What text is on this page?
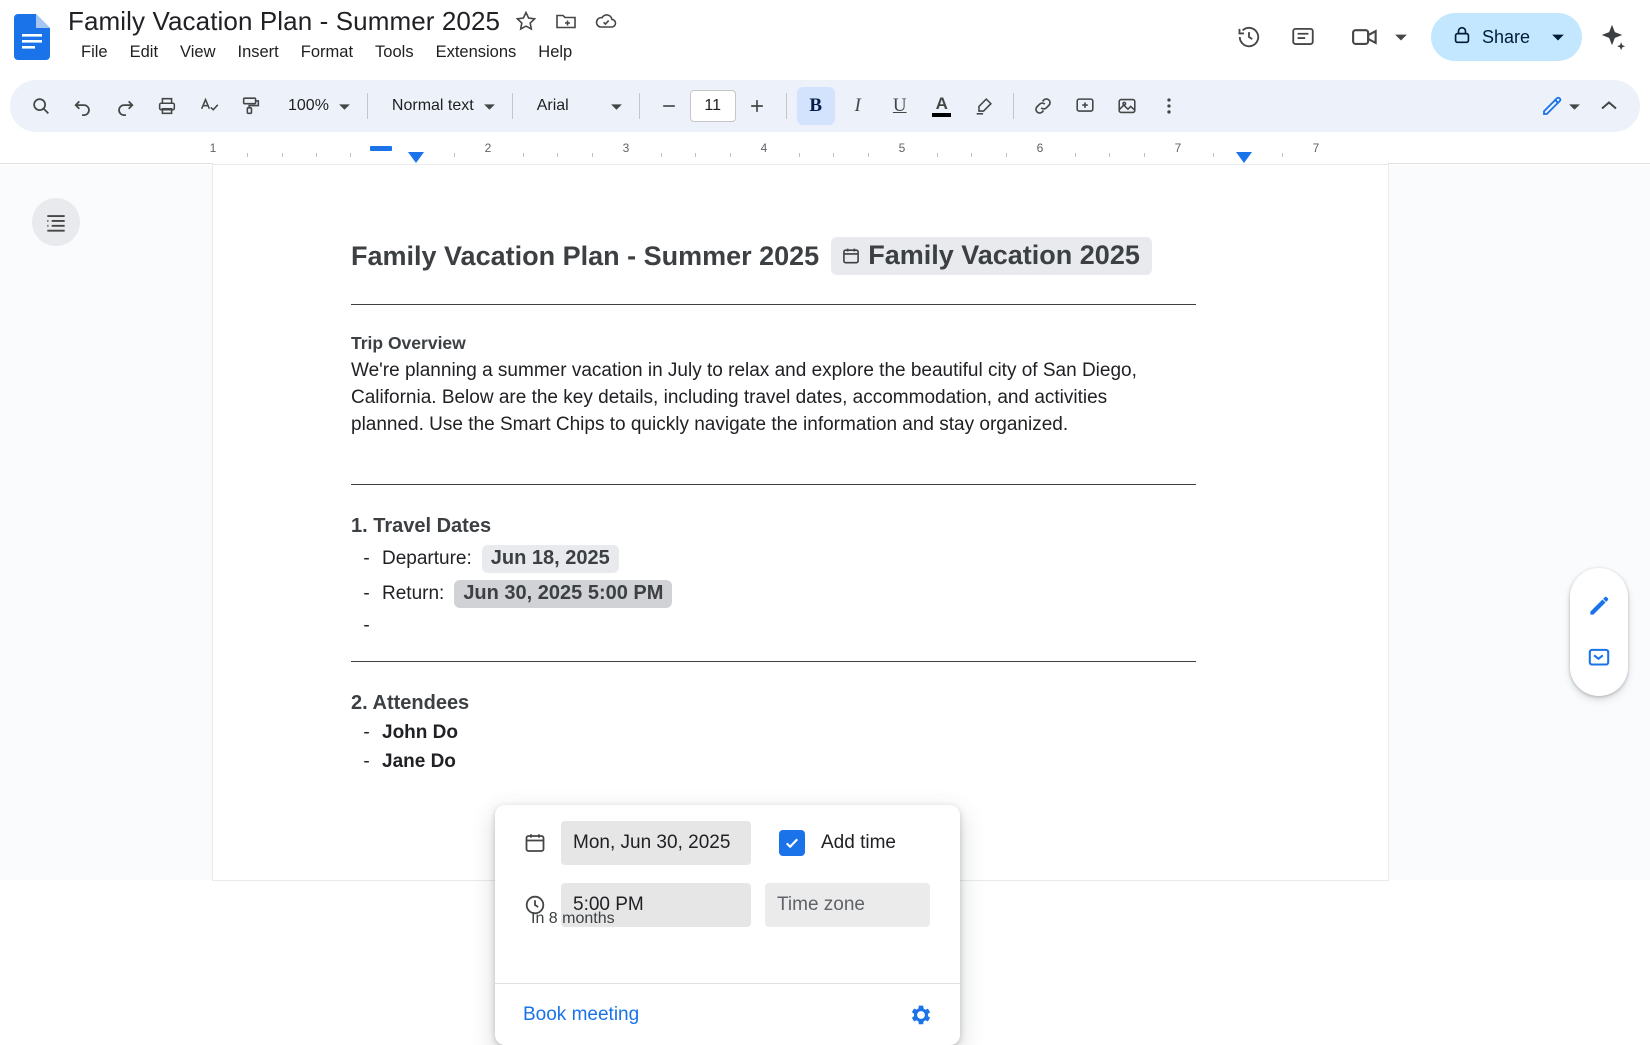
Family Vacation Plan - Summer 2025
File	Edit	View	Insert	Format	Tools	Extensions	Help
Share
100%	Normal text	Arial	11	B I U A
1	2	3	4	5	6	7	7
Family Vacation Plan - Summer 2025 Family Vacation 2025
Trip Overview
We're planning a summer vacation in July to relax and explore the beautiful city of San Diego, California. Below are the key details, including travel dates, accommodation, and activities planned. Use the Smart Chips to quickly navigate the information and stay organized.
1. Travel Dates
- Departure: Jun 18, 2025
- Return: Jun 30, 2025 5:00 PM
-
2. Attendees
- John Do
- Jane Do
Mon, Jun 30, 2025	Add time
5:00 PM	Time zone
In 8 months
Book meeting
